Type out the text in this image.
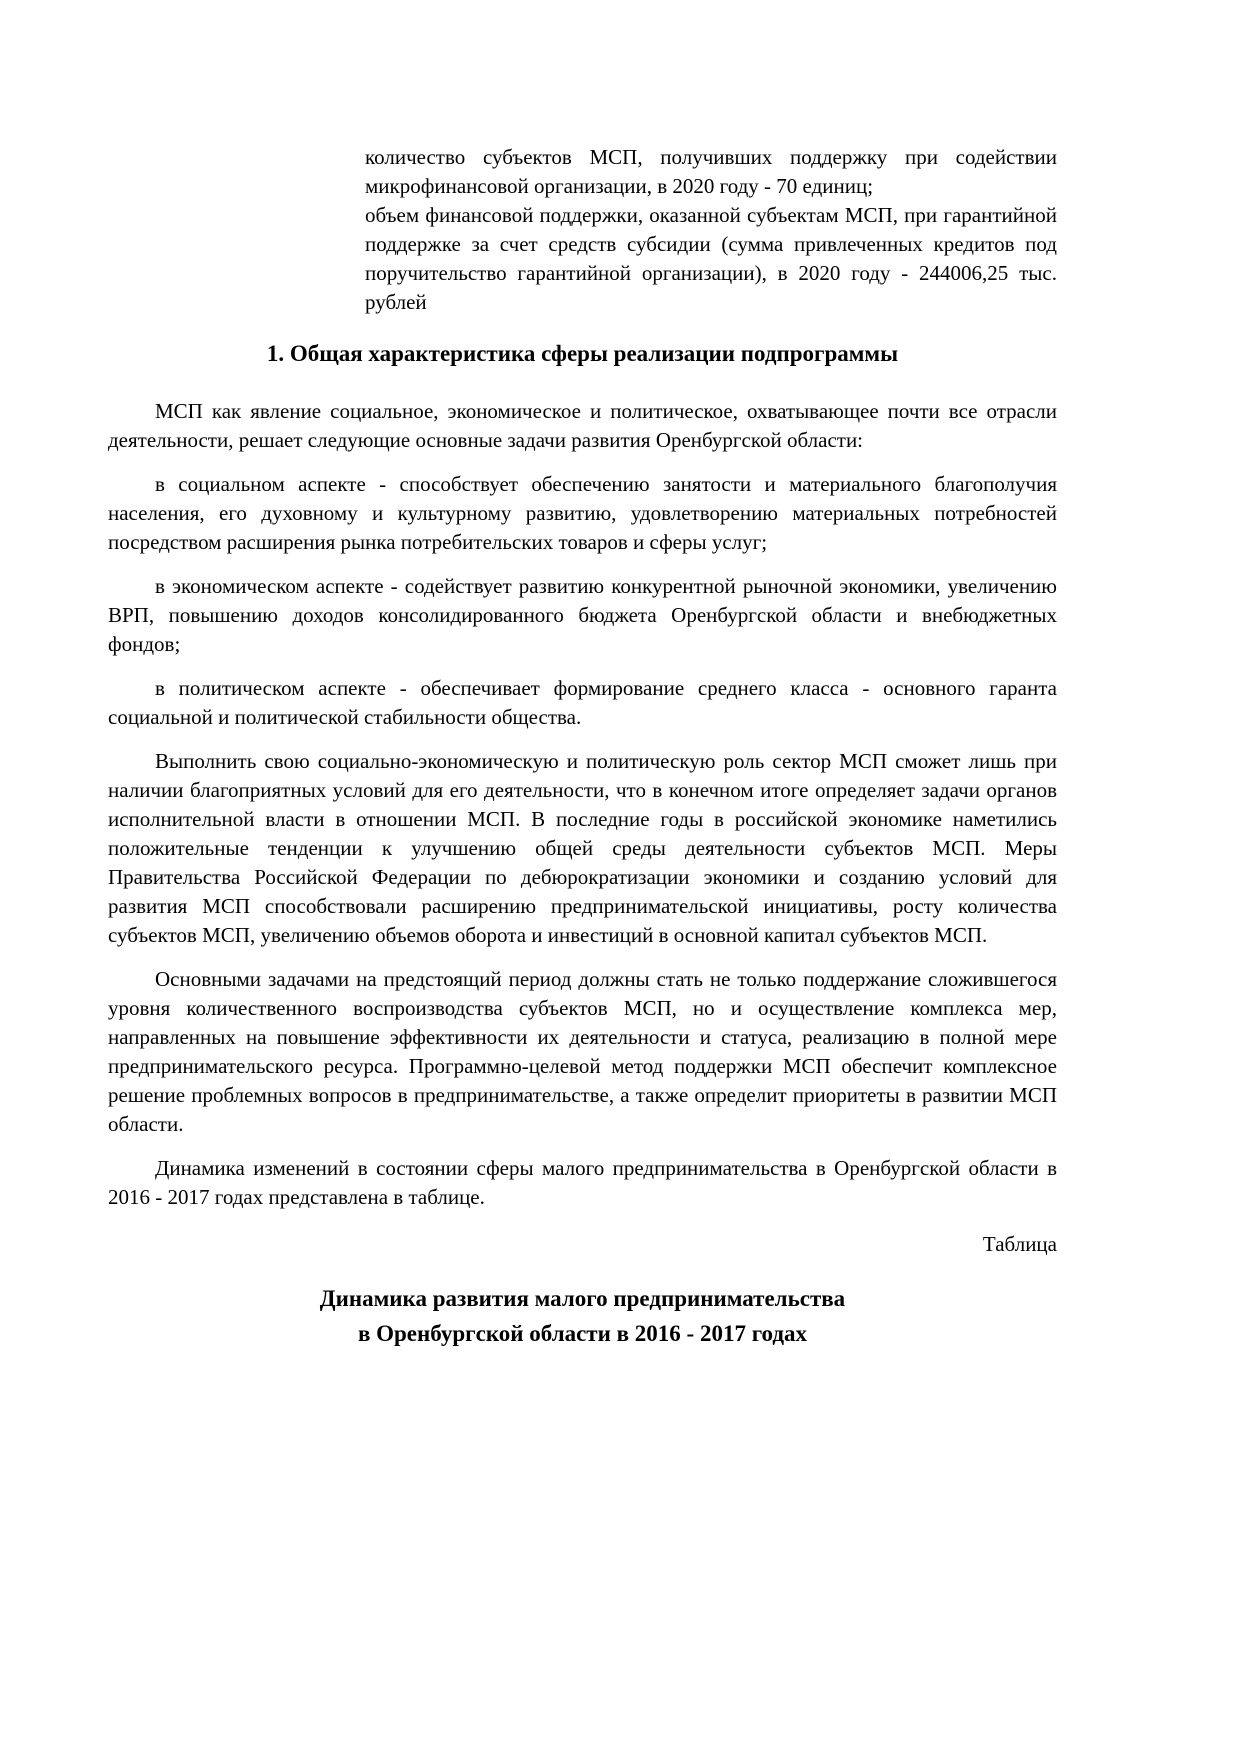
количество субъектов МСП, получивших поддержку при содействии микрофинансовой организации, в 2020 году - 70 единиц;

объем финансовой поддержки, оказанной субъектам МСП, при гарантийной поддержке за счет средств субсидии (сумма привлеченных кредитов под поручительство гарантийной организации), в 2020 году - 244006,25 тыс. рублей

1. Общая характеристика сферы реализации подпрограммы

МСП как явление социальное, экономическое и политическое, охватывающее почти все отрасли деятельности, решает следующие основные задачи развития Оренбургской области:

в социальном аспекте - способствует обеспечению занятости и материального благополучия населения, его духовному и культурному развитию, удовлетворению материальных потребностей посредством расширения рынка потребительских товаров и сферы услуг;

в экономическом аспекте - содействует развитию конкурентной рыночной экономики, увеличению ВРП, повышению доходов консолидированного бюджета Оренбургской области и внебюджетных фондов;

в политическом аспекте - обеспечивает формирование среднего класса - основного гаранта социальной и политической стабильности общества.

Выполнить свою социально-экономическую и политическую роль сектор МСП сможет лишь при наличии благоприятных условий для его деятельности, что в конечном итоге определяет задачи органов исполнительной власти в отношении МСП. В последние годы в российской экономике наметились положительные тенденции к улучшению общей среды деятельности субъектов МСП. Меры Правительства Российской Федерации по дебюрократизации экономики и созданию условий для развития МСП способствовали расширению предпринимательской инициативы, росту количества субъектов МСП, увеличению объемов оборота и инвестиций в основной капитал субъектов МСП.

Основными задачами на предстоящий период должны стать не только поддержание сложившегося уровня количественного воспроизводства субъектов МСП, но и осуществление комплекса мер, направленных на повышение эффективности их деятельности и статуса, реализацию в полной мере предпринимательского ресурса. Программно-целевой метод поддержки МСП обеспечит комплексное решение проблемных вопросов в предпринимательстве, а также определит приоритеты в развитии МСП области.

Динамика изменений в состоянии сферы малого предпринимательства в Оренбургской области в 2016 - 2017 годах представлена в таблице.

Таблица
Динамика развития малого предпринимательства
в Оренбургской области в 2016 - 2017 годах
